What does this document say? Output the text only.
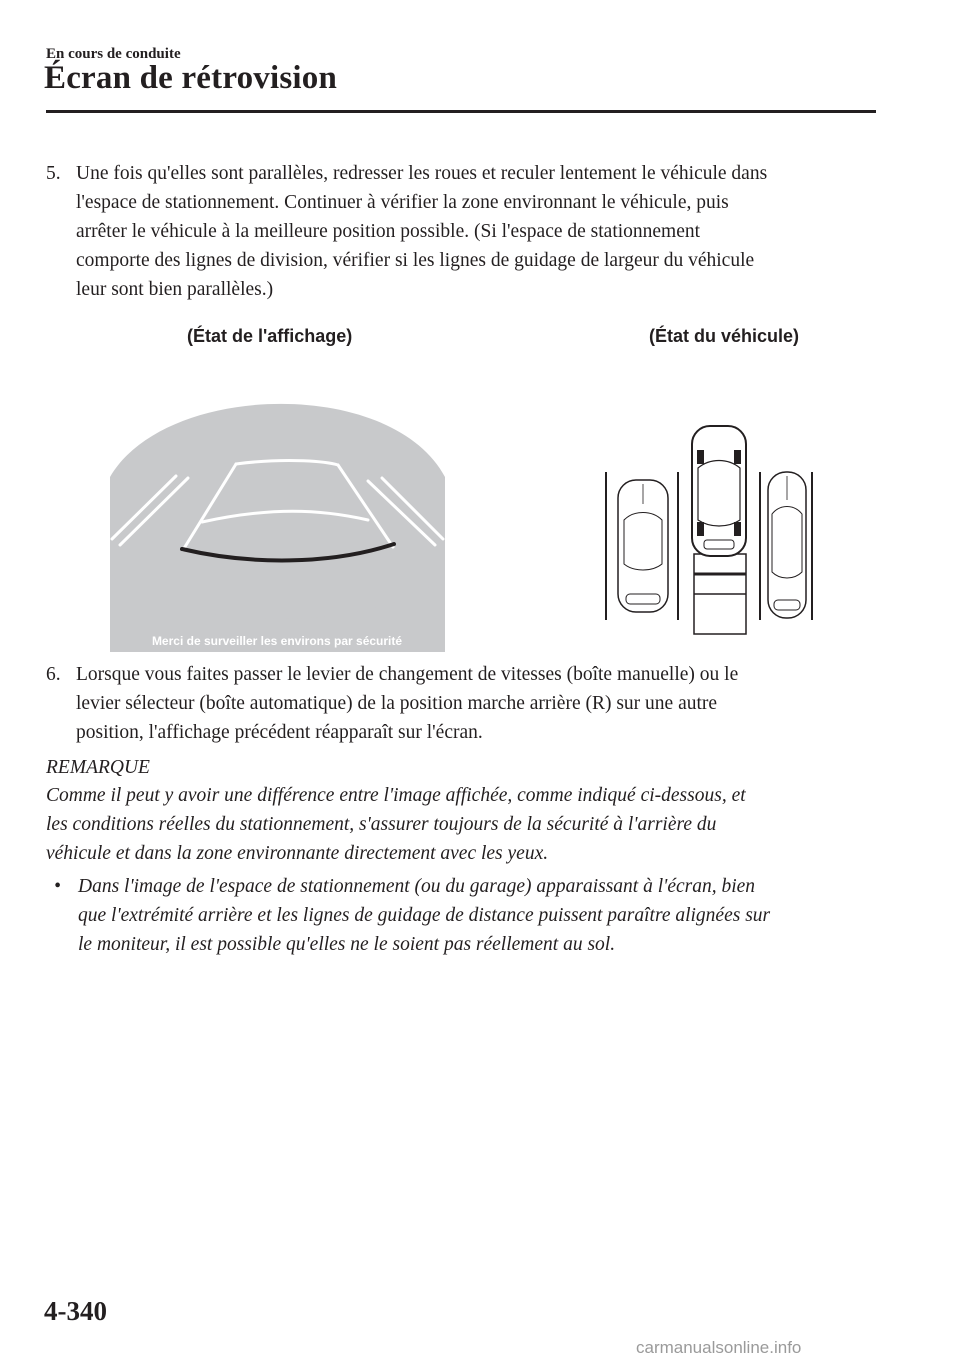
En cours de conduite
Écran de rétrovision
5. Une fois qu'elles sont parallèles, redresser les roues et reculer lentement le véhicule dans
l'espace de stationnement. Continuer à vérifier la zone environnant le véhicule, puis
arrêter le véhicule à la meilleure position possible. (Si l'espace de stationnement
comporte des lignes de division, vérifier si les lignes de guidage de largeur du véhicule
leur sont bien parallèles.)
(État de l'affichage)	(État du véhicule)
Merci de surveiller les environs par sécurité
6. Lorsque vous faites passer le levier de changement de vitesses (boîte manuelle) ou le
levier sélecteur (boîte automatique) de la position marche arrière (R) sur une autre
position, l'affichage précédent réapparaît sur l'écran.
REMARQUE
Comme il peut y avoir une différence entre l'image affichée, comme indiqué ci-dessous, et
les conditions réelles du stationnement, s'assurer toujours de la sécurité à l'arrière du
véhicule et dans la zone environnante directement avec les yeux.
• Dans l'image de l'espace de stationnement (ou du garage) apparaissant à l'écran, bien
que l'extrémité arrière et les lignes de guidage de distance puissent paraître alignées sur
le moniteur, il est possible qu'elles ne le soient pas réellement au sol.
4-340
carmanualsonline.info
